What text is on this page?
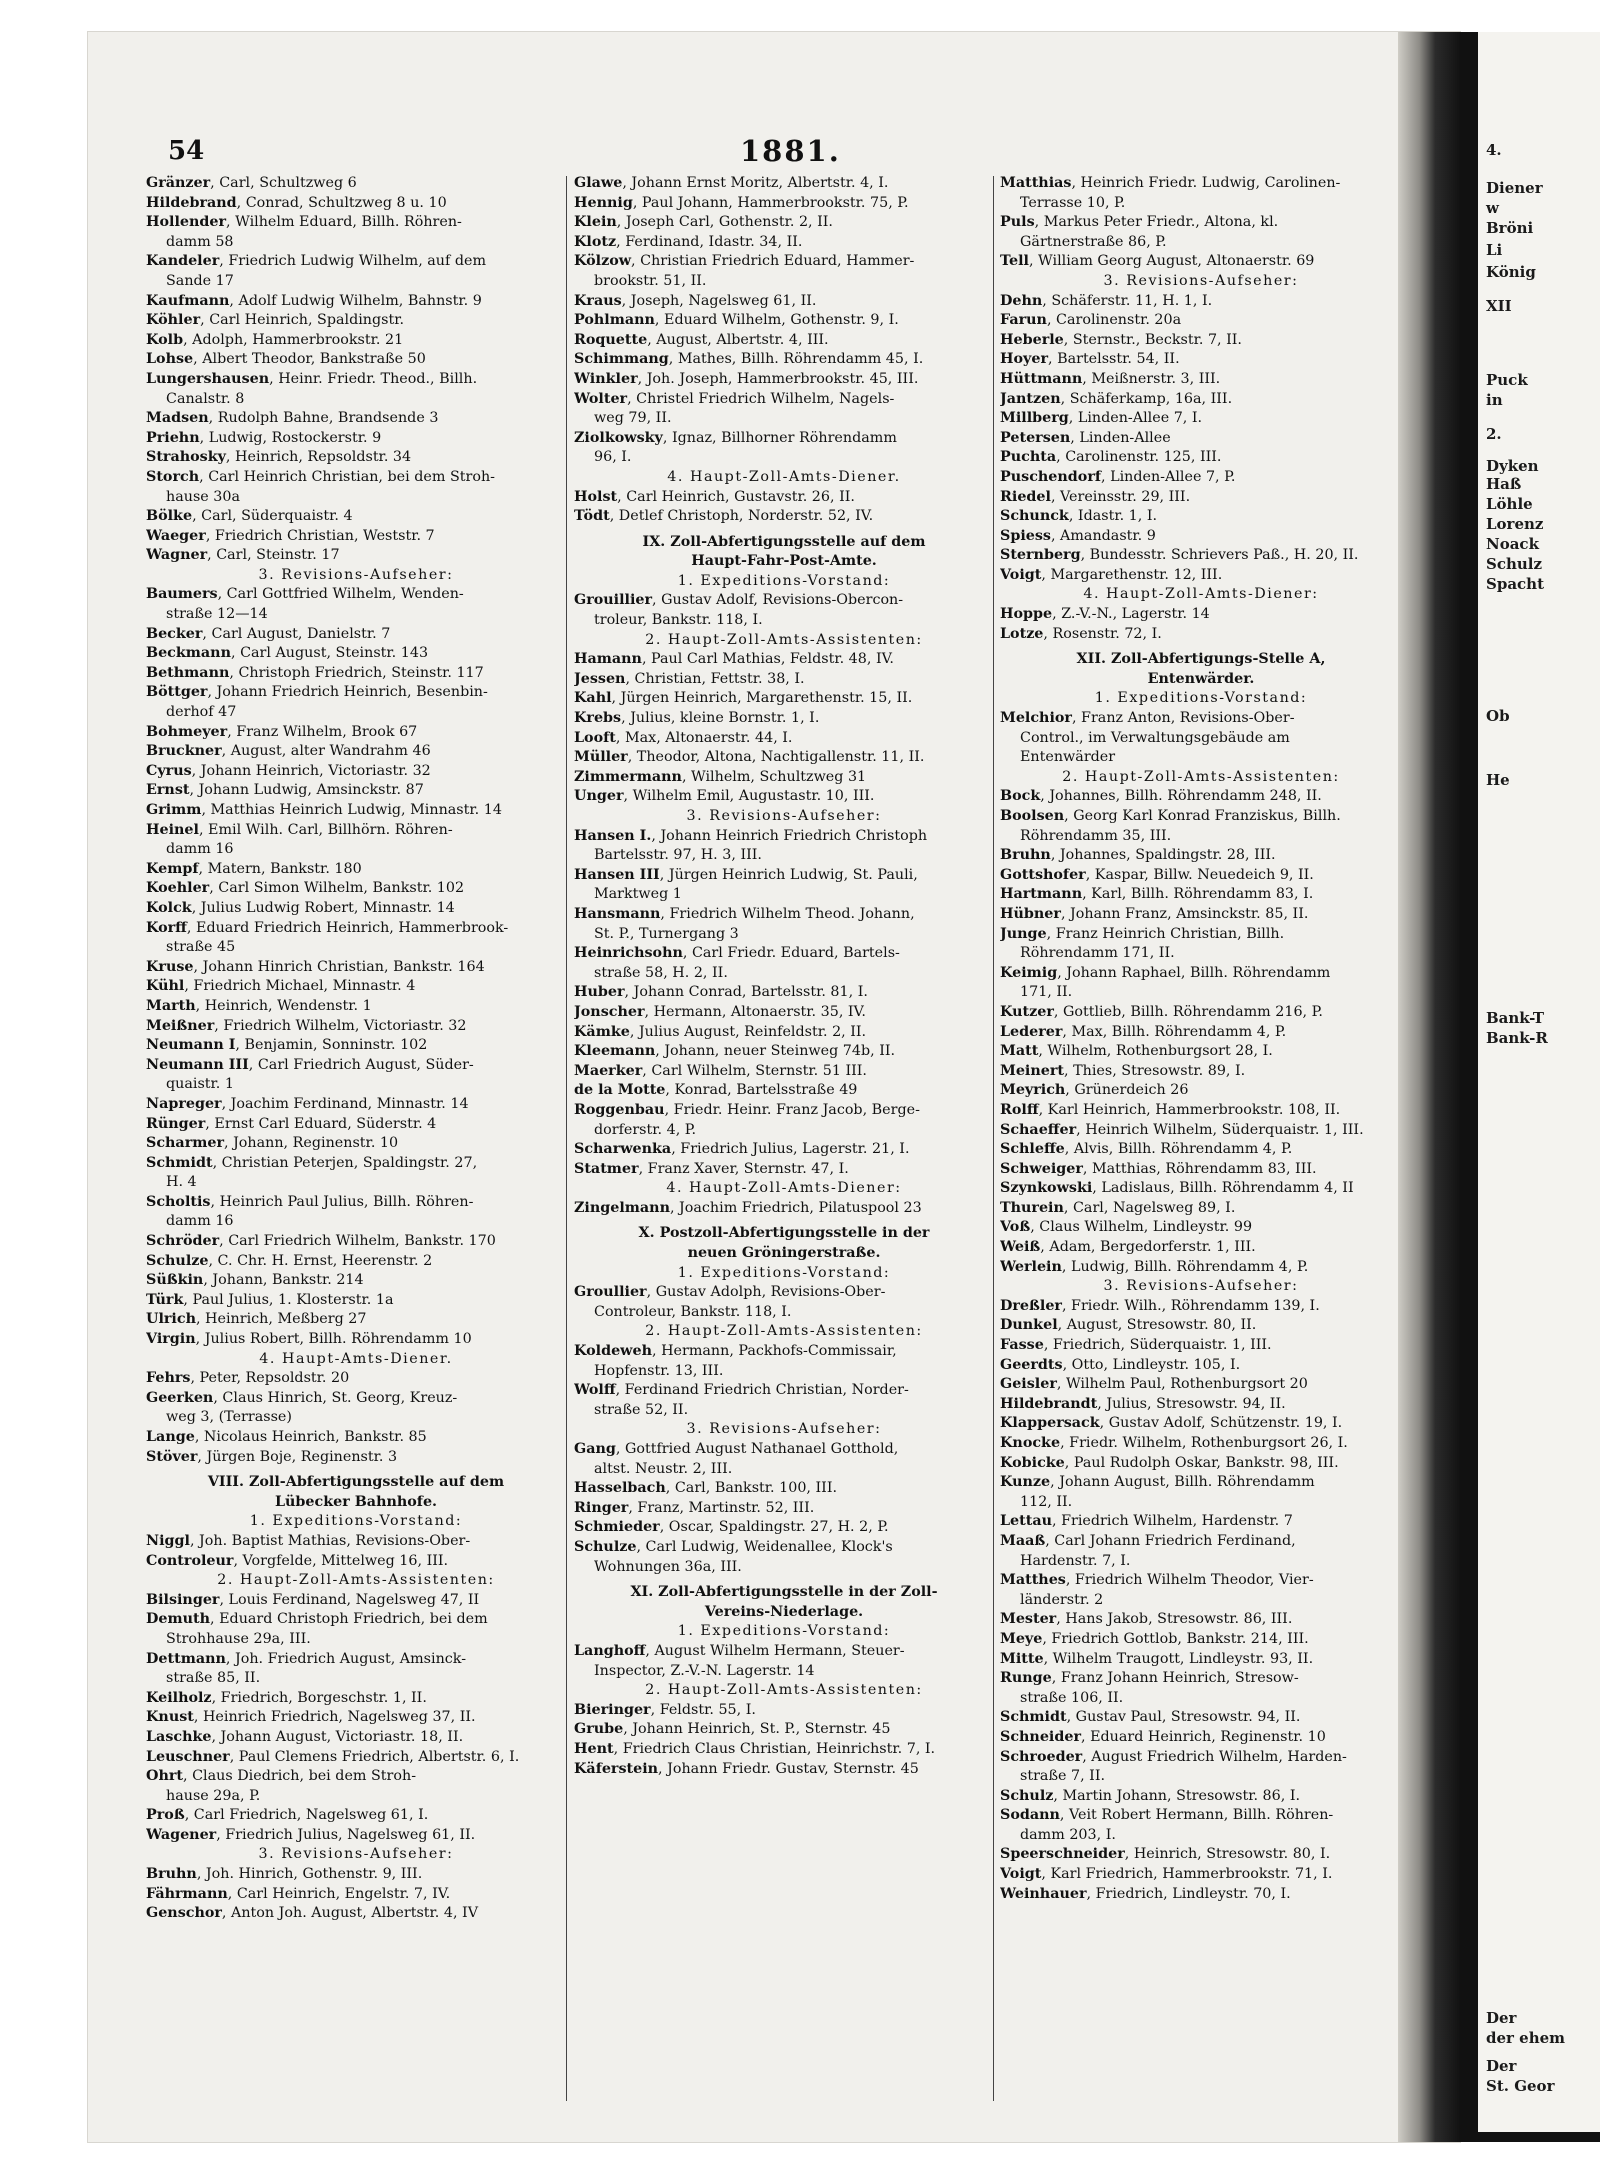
4.
Diener
w
Bröni
Li
König
XII
Puck
in
2.
Dyken
Haß
Löhle
Lorenz
Noack
Schulz
Spacht
Ob
He
Bank-T
Bank-R
Der
der ehem
Der
St. Geor
54	1881.
Gränzer, Carl, Schultzweg 6
Hildebrand, Conrad, Schultzweg 8 u. 10
Hollender, Wilhelm Eduard, Billh. Röhren-
damm 58
Kandeler, Friedrich Ludwig Wilhelm, auf dem
Sande 17
Kaufmann, Adolf Ludwig Wilhelm, Bahnstr. 9
Köhler, Carl Heinrich, Spaldingstr.
Kolb, Adolph, Hammerbrookstr. 21
Lohse, Albert Theodor, Bankstraße 50
Lungershausen, Heinr. Friedr. Theod., Billh.
Canalstr. 8
Madsen, Rudolph Bahne, Brandsende 3
Priehn, Ludwig, Rostockerstr. 9
Strahosky, Heinrich, Repsoldstr. 34
Storch, Carl Heinrich Christian, bei dem Stroh-
hause 30a
Bölke, Carl, Süderquaistr. 4
Waeger, Friedrich Christian, Weststr. 7
Wagner, Carl, Steinstr. 17
3. Revisions-Aufseher:
Baumers, Carl Gottfried Wilhelm, Wenden-
straße 12—14
Becker, Carl August, Danielstr. 7
Beckmann, Carl August, Steinstr. 143
Bethmann, Christoph Friedrich, Steinstr. 117
Böttger, Johann Friedrich Heinrich, Besenbin-
derhof 47
Bohmeyer, Franz Wilhelm, Brook 67
Bruckner, August, alter Wandrahm 46
Cyrus, Johann Heinrich, Victoriastr. 32
Ernst, Johann Ludwig, Amsinckstr. 87
Grimm, Matthias Heinrich Ludwig, Minnastr. 14
Heinel, Emil Wilh. Carl, Billhörn. Röhren-
damm 16
Kempf, Matern, Bankstr. 180
Koehler, Carl Simon Wilhelm, Bankstr. 102
Kolck, Julius Ludwig Robert, Minnastr. 14
Korff, Eduard Friedrich Heinrich, Hammerbrook-
straße 45
Kruse, Johann Hinrich Christian, Bankstr. 164
Kühl, Friedrich Michael, Minnastr. 4
Marth, Heinrich, Wendenstr. 1
Meißner, Friedrich Wilhelm, Victoriastr. 32
Neumann I, Benjamin, Sonninstr. 102
Neumann III, Carl Friedrich August, Süder-
quaistr. 1
Napreger, Joachim Ferdinand, Minnastr. 14
Rünger, Ernst Carl Eduard, Süderstr. 4
Scharmer, Johann, Reginenstr. 10
Schmidt, Christian Peterjen, Spaldingstr. 27,
H. 4
Scholtis, Heinrich Paul Julius, Billh. Röhren-
damm 16
Schröder, Carl Friedrich Wilhelm, Bankstr. 170
Schulze, C. Chr. H. Ernst, Heerenstr. 2
Süßkin, Johann, Bankstr. 214
Türk, Paul Julius, 1. Klosterstr. 1a
Ulrich, Heinrich, Meßberg 27
Virgin, Julius Robert, Billh. Röhrendamm 10
4. Haupt-Amts-Diener.
Fehrs, Peter, Repsoldstr. 20
Geerken, Claus Hinrich, St. Georg, Kreuz-
weg 3, (Terrasse)
Lange, Nicolaus Heinrich, Bankstr. 85
Stöver, Jürgen Boje, Reginenstr. 3
VIII. Zoll-Abfertigungsstelle auf dem
Lübecker Bahnhofe.
1. Expeditions-Vorstand:
Niggl, Joh. Baptist Mathias, Revisions-Ober-
Controleur, Vorgfelde, Mittelweg 16, III.
2. Haupt-Zoll-Amts-Assistenten:
Bilsinger, Louis Ferdinand, Nagelsweg 47, II
Demuth, Eduard Christoph Friedrich, bei dem
Strohhause 29a, III.
Dettmann, Joh. Friedrich August, Amsinck-
straße 85, II.
Keilholz, Friedrich, Borgeschstr. 1, II.
Knust, Heinrich Friedrich, Nagelsweg 37, II.
Laschke, Johann August, Victoriastr. 18, II.
Leuschner, Paul Clemens Friedrich, Albertstr. 6, I.
Ohrt, Claus Diedrich, bei dem Stroh-
hause 29a, P.
Proß, Carl Friedrich, Nagelsweg 61, I.
Wagener, Friedrich Julius, Nagelsweg 61, II.
3. Revisions-Aufseher:
Bruhn, Joh. Hinrich, Gothenstr. 9, III.
Fährmann, Carl Heinrich, Engelstr. 7, IV.
Genschor, Anton Joh. August, Albertstr. 4, IV
Glawe, Johann Ernst Moritz, Albertstr. 4, I.
Hennig, Paul Johann, Hammerbrookstr. 75, P.
Klein, Joseph Carl, Gothenstr. 2, II.
Klotz, Ferdinand, Idastr. 34, II.
Kölzow, Christian Friedrich Eduard, Hammer-
brookstr. 51, II.
Kraus, Joseph, Nagelsweg 61, II.
Pohlmann, Eduard Wilhelm, Gothenstr. 9, I.
Roquette, August, Albertstr. 4, III.
Schimmang, Mathes, Billh. Röhrendamm 45, I.
Winkler, Joh. Joseph, Hammerbrookstr. 45, III.
Wolter, Christel Friedrich Wilhelm, Nagels-
weg 79, II.
Ziolkowsky, Ignaz, Billhorner Röhrendamm
96, I.
4. Haupt-Zoll-Amts-Diener.
Holst, Carl Heinrich, Gustavstr. 26, II.
Tödt, Detlef Christoph, Norderstr. 52, IV.
IX. Zoll-Abfertigungsstelle auf dem
Haupt-Fahr-Post-Amte.
1. Expeditions-Vorstand:
Grouillier, Gustav Adolf, Revisions-Obercon-
troleur, Bankstr. 118, I.
2. Haupt-Zoll-Amts-Assistenten:
Hamann, Paul Carl Mathias, Feldstr. 48, IV.
Jessen, Christian, Fettstr. 38, I.
Kahl, Jürgen Heinrich, Margarethenstr. 15, II.
Krebs, Julius, kleine Bornstr. 1, I.
Looft, Max, Altonaerstr. 44, I.
Müller, Theodor, Altona, Nachtigallenstr. 11, II.
Zimmermann, Wilhelm, Schultzweg 31
Unger, Wilhelm Emil, Augustastr. 10, III.
3. Revisions-Aufseher:
Hansen I., Johann Heinrich Friedrich Christoph
Bartelsstr. 97, H. 3, III.
Hansen III, Jürgen Heinrich Ludwig, St. Pauli,
Marktweg 1
Hansmann, Friedrich Wilhelm Theod. Johann,
St. P., Turnergang 3
Heinrichsohn, Carl Friedr. Eduard, Bartels-
straße 58, H. 2, II.
Huber, Johann Conrad, Bartelsstr. 81, I.
Jonscher, Hermann, Altonaerstr. 35, IV.
Kämke, Julius August, Reinfeldstr. 2, II.
Kleemann, Johann, neuer Steinweg 74b, II.
Maerker, Carl Wilhelm, Sternstr. 51 III.
de la Motte, Konrad, Bartelsstraße 49
Roggenbau, Friedr. Heinr. Franz Jacob, Berge-
dorferstr. 4, P.
Scharwenka, Friedrich Julius, Lagerstr. 21, I.
Statmer, Franz Xaver, Sternstr. 47, I.
4. Haupt-Zoll-Amts-Diener:
Zingelmann, Joachim Friedrich, Pilatuspool 23
X. Postzoll-Abfertigungsstelle in der
neuen Gröningerstraße.
1. Expeditions-Vorstand:
Groullier, Gustav Adolph, Revisions-Ober-
Controleur, Bankstr. 118, I.
2. Haupt-Zoll-Amts-Assistenten:
Koldeweh, Hermann, Packhofs-Commissair,
Hopfenstr. 13, III.
Wolff, Ferdinand Friedrich Christian, Norder-
straße 52, II.
3. Revisions-Aufseher:
Gang, Gottfried August Nathanael Gotthold,
altst. Neustr. 2, III.
Hasselbach, Carl, Bankstr. 100, III.
Ringer, Franz, Martinstr. 52, III.
Schmieder, Oscar, Spaldingstr. 27, H. 2, P.
Schulze, Carl Ludwig, Weidenallee, Klock's
Wohnungen 36a, III.
XI. Zoll-Abfertigungsstelle in der Zoll-
Vereins-Niederlage.
1. Expeditions-Vorstand:
Langhoff, August Wilhelm Hermann, Steuer-
Inspector, Z.-V.-N. Lagerstr. 14
2. Haupt-Zoll-Amts-Assistenten:
Bieringer, Feldstr. 55, I.
Grube, Johann Heinrich, St. P., Sternstr. 45
Hent, Friedrich Claus Christian, Heinrichstr. 7, I.
Käferstein, Johann Friedr. Gustav, Sternstr. 45
Matthias, Heinrich Friedr. Ludwig, Carolinen-
Terrasse 10, P.
Puls, Markus Peter Friedr., Altona, kl.
Gärtnerstraße 86, P.
Tell, William Georg August, Altonaerstr. 69
3. Revisions-Aufseher:
Dehn, Schäferstr. 11, H. 1, I.
Farun, Carolinenstr. 20a
Heberle, Sternstr., Beckstr. 7, II.
Hoyer, Bartelsstr. 54, II.
Hüttmann, Meißnerstr. 3, III.
Jantzen, Schäferkamp, 16a, III.
Millberg, Linden-Allee 7, I.
Petersen, Linden-Allee
Puchta, Carolinenstr. 125, III.
Puschendorf, Linden-Allee 7, P.
Riedel, Vereinsstr. 29, III.
Schunck, Idastr. 1, I.
Spiess, Amandastr. 9
Sternberg, Bundesstr. Schrievers Paß., H. 20, II.
Voigt, Margarethenstr. 12, III.
4. Haupt-Zoll-Amts-Diener:
Hoppe, Z.-V.-N., Lagerstr. 14
Lotze, Rosenstr. 72, I.
XII. Zoll-Abfertigungs-Stelle A,
Entenwärder.
1. Expeditions-Vorstand:
Melchior, Franz Anton, Revisions-Ober-
Control., im Verwaltungsgebäude am
Entenwärder
2. Haupt-Zoll-Amts-Assistenten:
Bock, Johannes, Billh. Röhrendamm 248, II.
Boolsen, Georg Karl Konrad Franziskus, Billh.
Röhrendamm 35, III.
Bruhn, Johannes, Spaldingstr. 28, III.
Gottshofer, Kaspar, Billw. Neuedeich 9, II.
Hartmann, Karl, Billh. Röhrendamm 83, I.
Hübner, Johann Franz, Amsinckstr. 85, II.
Junge, Franz Heinrich Christian, Billh.
Röhrendamm 171, II.
Keimig, Johann Raphael, Billh. Röhrendamm
171, II.
Kutzer, Gottlieb, Billh. Röhrendamm 216, P.
Lederer, Max, Billh. Röhrendamm 4, P.
Matt, Wilhelm, Rothenburgsort 28, I.
Meinert, Thies, Stresowstr. 89, I.
Meyrich, Grünerdeich 26
Rolff, Karl Heinrich, Hammerbrookstr. 108, II.
Schaeffer, Heinrich Wilhelm, Süderquaistr. 1, III.
Schleffe, Alvis, Billh. Röhrendamm 4, P.
Schweiger, Matthias, Röhrendamm 83, III.
Szynkowski, Ladislaus, Billh. Röhrendamm 4, II
Thurein, Carl, Nagelsweg 89, I.
Voß, Claus Wilhelm, Lindleystr. 99
Weiß, Adam, Bergedorferstr. 1, III.
Werlein, Ludwig, Billh. Röhrendamm 4, P.
3. Revisions-Aufseher:
Dreßler, Friedr. Wilh., Röhrendamm 139, I.
Dunkel, August, Stresowstr. 80, II.
Fasse, Friedrich, Süderquaistr. 1, III.
Geerdts, Otto, Lindleystr. 105, I.
Geisler, Wilhelm Paul, Rothenburgsort 20
Hildebrandt, Julius, Stresowstr. 94, II.
Klappersack, Gustav Adolf, Schützenstr. 19, I.
Knocke, Friedr. Wilhelm, Rothenburgsort 26, I.
Kobicke, Paul Rudolph Oskar, Bankstr. 98, III.
Kunze, Johann August, Billh. Röhrendamm
112, II.
Lettau, Friedrich Wilhelm, Hardenstr. 7
Maaß, Carl Johann Friedrich Ferdinand,
Hardenstr. 7, I.
Matthes, Friedrich Wilhelm Theodor, Vier-
länderstr. 2
Mester, Hans Jakob, Stresowstr. 86, III.
Meye, Friedrich Gottlob, Bankstr. 214, III.
Mitte, Wilhelm Traugott, Lindleystr. 93, II.
Runge, Franz Johann Heinrich, Stresow-
straße 106, II.
Schmidt, Gustav Paul, Stresowstr. 94, II.
Schneider, Eduard Heinrich, Reginenstr. 10
Schroeder, August Friedrich Wilhelm, Harden-
straße 7, II.
Schulz, Martin Johann, Stresowstr. 86, I.
Sodann, Veit Robert Hermann, Billh. Röhren-
damm 203, I.
Speerschneider, Heinrich, Stresowstr. 80, I.
Voigt, Karl Friedrich, Hammerbrookstr. 71, I.
Weinhauer, Friedrich, Lindleystr. 70, I.
